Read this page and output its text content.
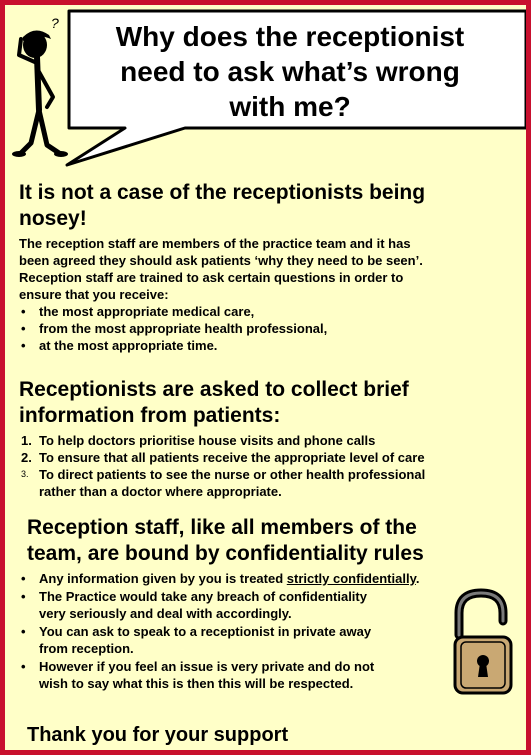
?	Why does the receptionist
need to ask what’s wrong
with me?
It is not a case of the receptionists being
nosey!
The reception staff are members of the practice team and it has
been agreed they should ask patients ‘why they need to be seen’.
Reception staff are trained to ask certain questions in order to
ensure that you receive:
• the most appropriate medical care,
• from the most appropriate health professional,
• at the most appropriate time.
Receptionists are asked to collect brief
information from patients:
1. To help doctors prioritise house visits and phone calls
2. To ensure that all patients receive the appropriate level of care
3. To direct patients to see the nurse or other health professional
rather than a doctor where appropriate.
Reception staff, like all members of the
team, are bound by confidentiality rules
• Any information given by you is treated strictly confidentially.
• The Practice would take any breach of confidentiality
very seriously and deal with accordingly.
• You can ask to speak to a receptionist in private away
from reception.
• However if you feel an issue is very private and do not
wish to say what this is then this will be respected.
Thank you for your support
